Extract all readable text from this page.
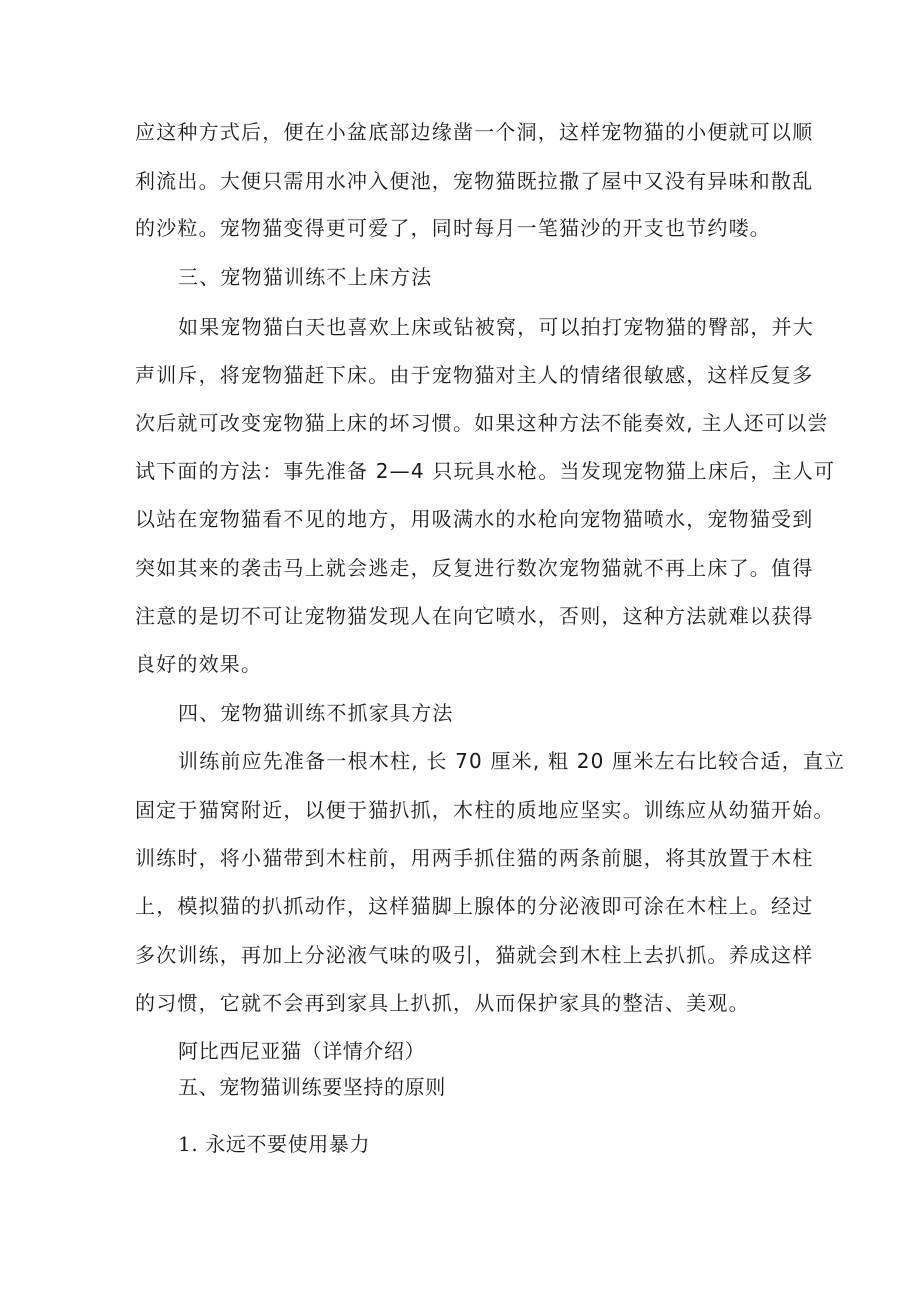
应这种方式后，便在小盆底部边缘凿一个洞，这样宠物猫的小便就可以顺
利流出。大便只需用水冲入便池，宠物猫既拉撒了屋中又没有异味和散乱
的沙粒。宠物猫变得更可爱了，同时每月一笔猫沙的开支也节约喽。
三、宠物猫训练不上床方法
如果宠物猫白天也喜欢上床或钻被窝，可以拍打宠物猫的臀部，并大
声训斥，将宠物猫赶下床。由于宠物猫对主人的情绪很敏感，这样反复多
次后就可改变宠物猫上床的坏习惯。如果这种方法不能奏效, 主人还可以尝
试下面的方法：事先准备 2—4 只玩具水枪。当发现宠物猫上床后，主人可
以站在宠物猫看不见的地方，用吸满水的水枪向宠物猫喷水，宠物猫受到
突如其来的袭击马上就会逃走，反复进行数次宠物猫就不再上床了。值得
注意的是切不可让宠物猫发现人在向它喷水，否则，这种方法就难以获得
良好的效果。
四、宠物猫训练不抓家具方法
训练前应先准备一根木柱, 长 70 厘米, 粗 20 厘米左右比较合适，直立
固定于猫窝附近，以便于猫扒抓，木柱的质地应坚实。训练应从幼猫开始。
训练时，将小猫带到木柱前，用两手抓住猫的两条前腿，将其放置于木柱
上，模拟猫的扒抓动作，这样猫脚上腺体的分泌液即可涂在木柱上。经过
多次训练，再加上分泌液气味的吸引，猫就会到木柱上去扒抓。养成这样
的习惯，它就不会再到家具上扒抓，从而保护家具的整洁、美观。
阿比西尼亚猫（详情介绍）
五、宠物猫训练要坚持的原则
1. 永远不要使用暴力
